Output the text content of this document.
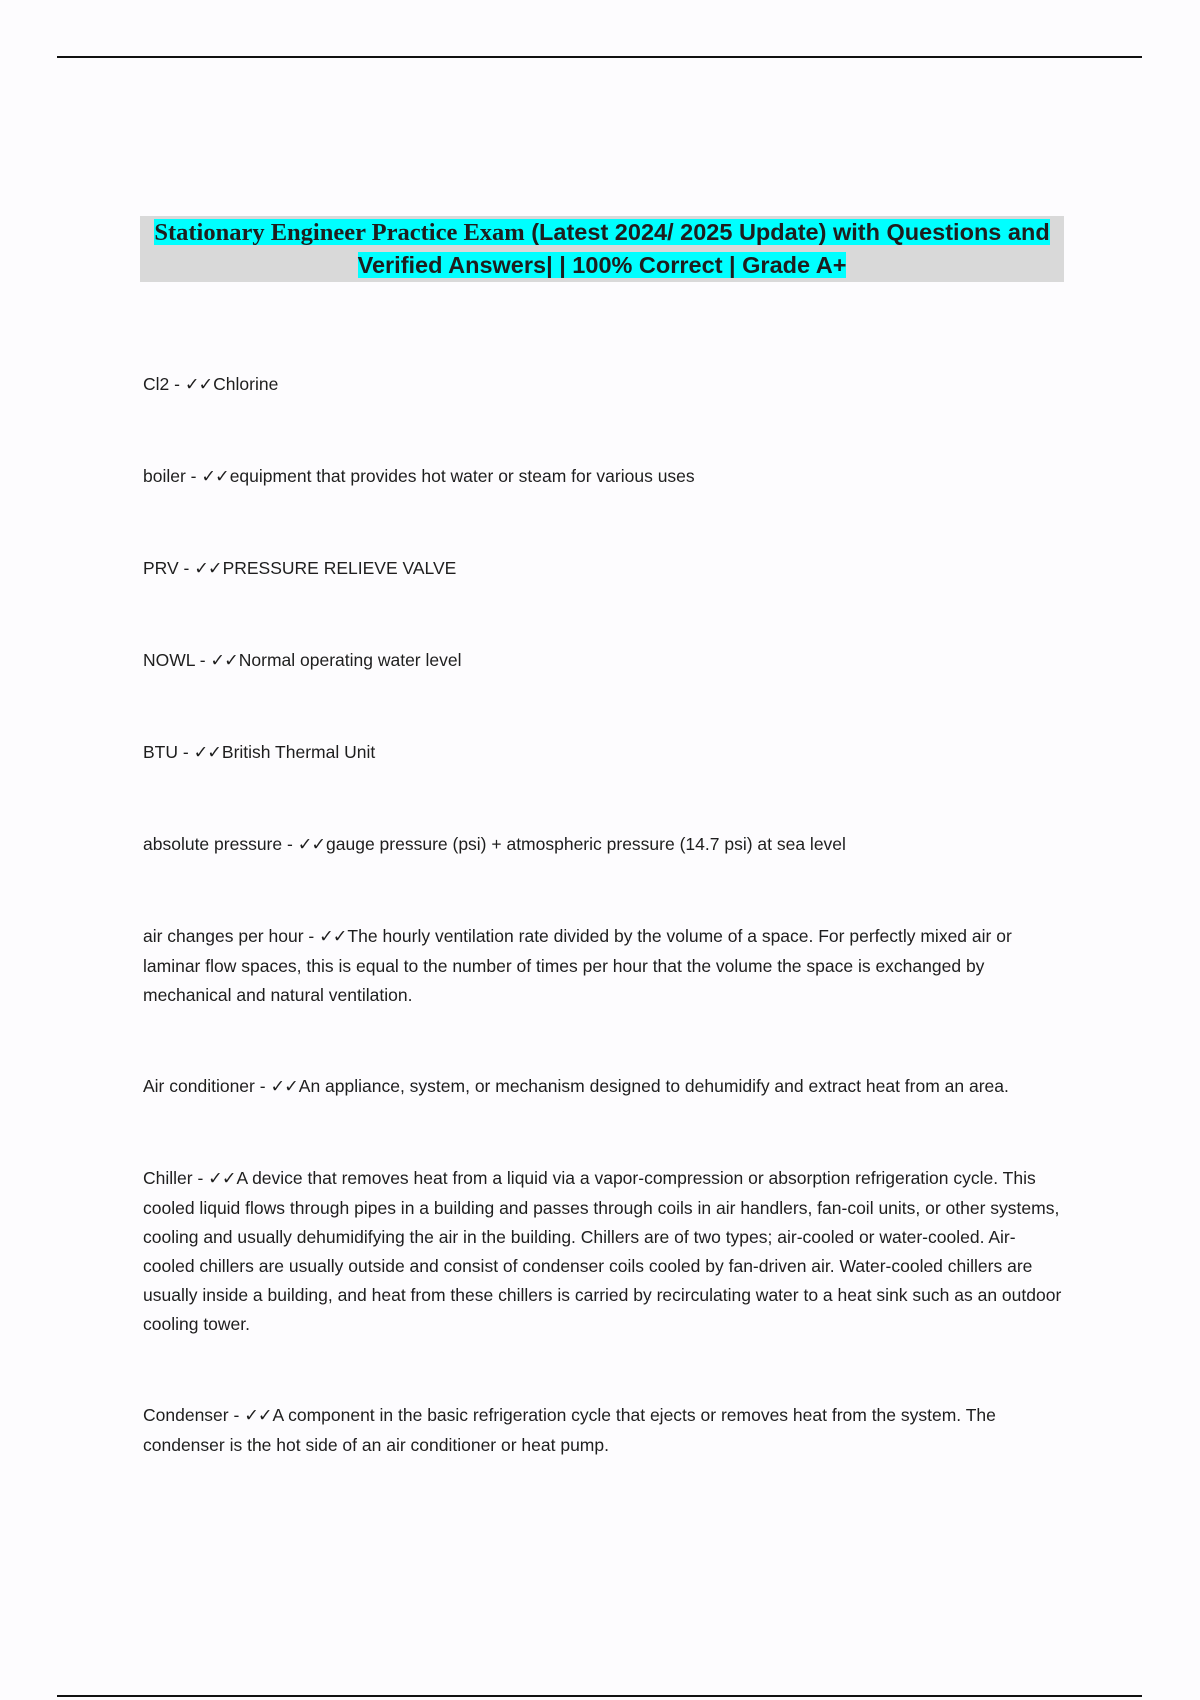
Stationary Engineer Practice Exam (Latest 2024/ 2025 Update) with Questions and Verified Answers| | 100% Correct | Grade A+
Cl2 - ✓✓Chlorine
boiler - ✓✓equipment that provides hot water or steam for various uses
PRV - ✓✓PRESSURE RELIEVE VALVE
NOWL - ✓✓Normal operating water level
BTU - ✓✓British Thermal Unit
absolute pressure - ✓✓gauge pressure (psi) + atmospheric pressure (14.7 psi) at sea level
air changes per hour - ✓✓The hourly ventilation rate divided by the volume of a space. For perfectly mixed air or laminar flow spaces, this is equal to the number of times per hour that the volume the space is exchanged by mechanical and natural ventilation.
Air conditioner - ✓✓An appliance, system, or mechanism designed to dehumidify and extract heat from an area.
Chiller - ✓✓A device that removes heat from a liquid via a vapor-compression or absorption refrigeration cycle. This cooled liquid flows through pipes in a building and passes through coils in air handlers, fan-coil units, or other systems, cooling and usually dehumidifying the air in the building. Chillers are of two types; air-cooled or water-cooled. Air-cooled chillers are usually outside and consist of condenser coils cooled by fan-driven air. Water-cooled chillers are usually inside a building, and heat from these chillers is carried by recirculating water to a heat sink such as an outdoor cooling tower.
Condenser - ✓✓A component in the basic refrigeration cycle that ejects or removes heat from the system. The condenser is the hot side of an air conditioner or heat pump.
